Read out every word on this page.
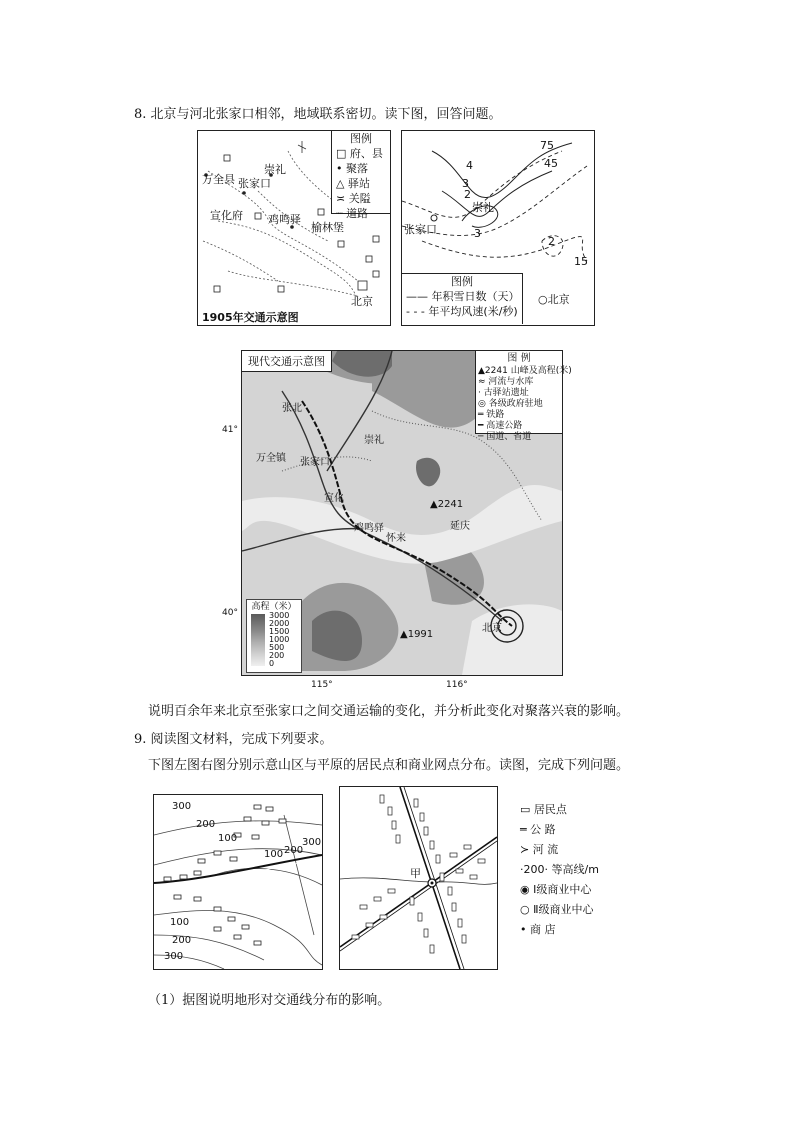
8. 北京与河北张家口相邻，地域联系密切。读下图，回答问题。
图例
□ 府、县
• 聚落
△ 驿站
≍ 关隘
┈ 道路
万全县 张家口
崇礼
宣化府 鸡鸣驿
榆林堡
北京
1905年交通示意图
4
3
2
3
2
75
45
15
崇礼
张家口
图例
—— 年积雪日数（天）
- - - 年平均风速(米/秒)
○北京
现代交通示意图	图 例
▲2241 山峰及高程(米)
≈ 河流与水库
· 古驿站遗址
◎ 各级政府驻地
═ 铁路
━ 高速公路
─ 国道、省道
张北
崇礼
万全镇 张家口
宣化
鸡鸣驿
怀来
延庆
北京
▲2241
▲1991
高程（米）
3000
2000
1500
1000
500
200
0
41°
40°
115°	116°
说明百余年来北京至张家口之间交通运输的变化，并分析此变化对聚落兴衰的影响。
9. 阅读图文材料，完成下列要求。
下图左图右图分别示意山区与平原的居民点和商业网点分布。读图，完成下列问题。
300
200
100
100 200
300
100
200
300
甲
▭ 居民点
═ 公 路
≻ 河 流
·200· 等高线/m
◉ Ⅰ级商业中心
○ Ⅱ级商业中心
• 商 店
（1）据图说明地形对交通线分布的影响。
